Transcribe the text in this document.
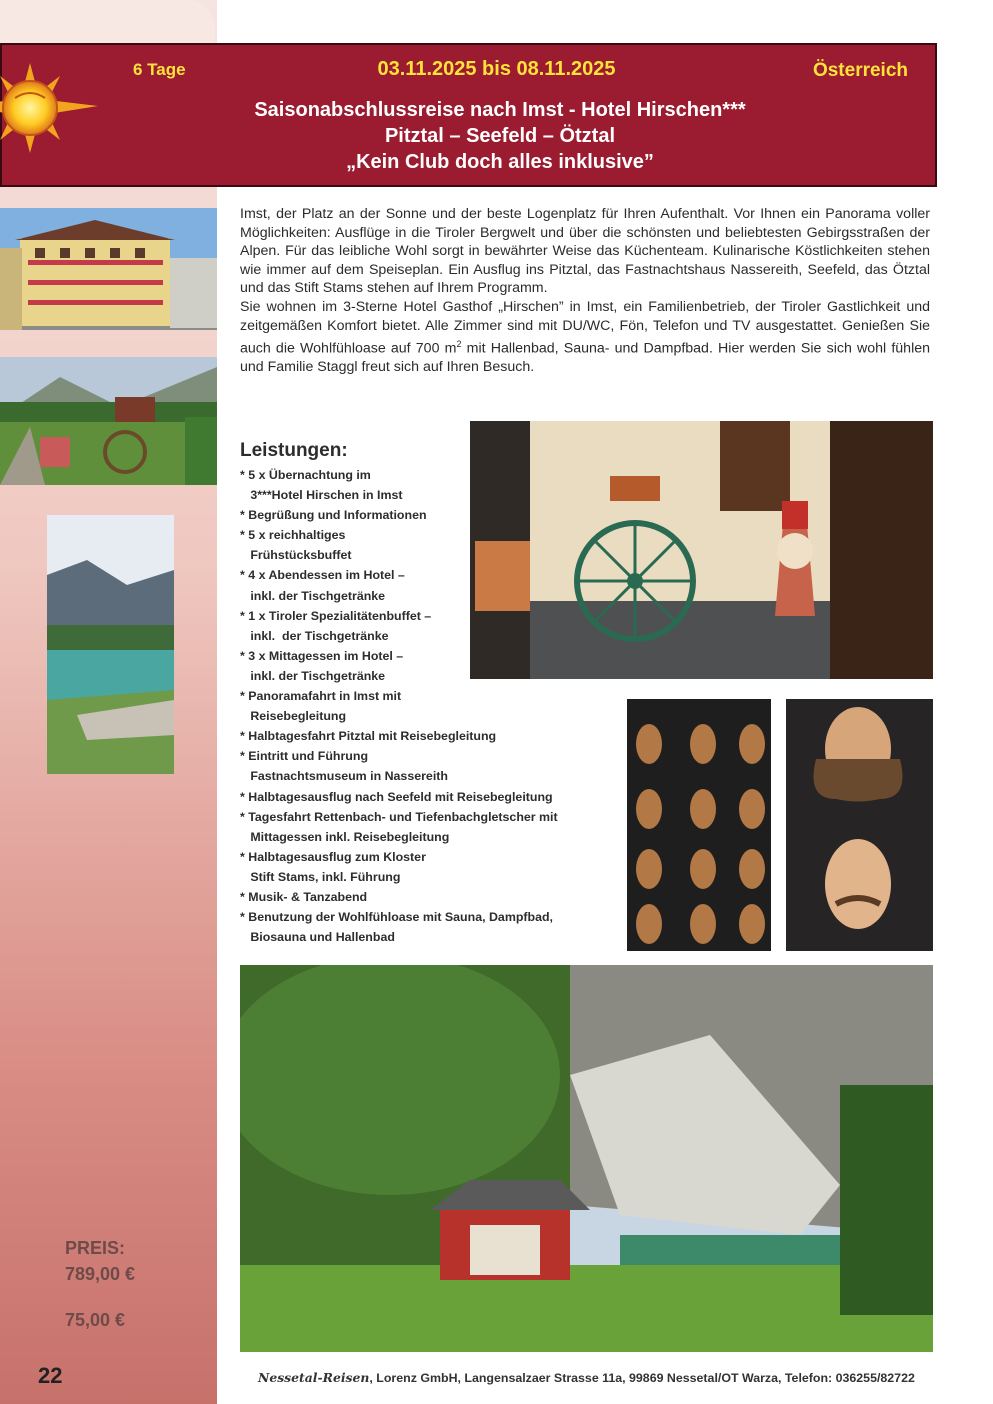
6 Tage	03.11.2025 bis 08.11.2025	Österreich
Saisonabschlussreise nach Imst - Hotel Hirschen***
Pitztal – Seefeld – Ötztal
„Kein Club doch alles inklusive”

Imst, der Platz an der Sonne und der beste Logenplatz für Ihren Aufenthalt. Vor Ihnen ein Panorama voller Möglichkeiten: Ausflüge in die Tiroler Bergwelt und über die schönsten und beliebtesten Gebirgsstraßen der Alpen. Für das leibliche Wohl sorgt in bewährter Weise das Küchenteam. Kulinarische Köstlichkeiten stehen wie immer auf dem Speiseplan. Ein Ausflug ins Pitztal, das Fastnachtshaus Nassereith, Seefeld, das Ötztal und das Stift Stams stehen auf Ihrem Programm.

Sie wohnen im 3-Sterne Hotel Gasthof „Hirschen” in Imst, ein Familienbetrieb, der Tiroler Gastlichkeit und zeitgemäßen Komfort bietet. Alle Zimmer sind mit DU/WC, Fön, Telefon und TV ausgestattet. Genießen Sie auch die Wohlfühloase auf 700 $m^2$ mit Hallenbad, Sauna- und Dampfbad. Hier werden Sie sich wohl fühlen und Familie Staggl freut sich auf Ihren Besuch.

Leistungen:
* 5 x Übernachtung im
3***Hotel Hirschen in Imst
* Begrüßung und Informationen
* 5 x reichhaltiges
Frühstücksbuffet
* 4 x Abendessen im Hotel –
inkl. der Tischgetränke
* 1 x Tiroler Spezialitätenbuffet –
inkl.  der Tischgetränke
* 3 x Mittagessen im Hotel –
inkl. der Tischgetränke
* Panoramafahrt in Imst mit
Reisebegleitung
* Halbtagesfahrt Pitztal mit Reisebegleitung
* Eintritt und Führung
Fastnachtsmuseum in Nassereith
* Halbtagesausflug nach Seefeld mit Reisebegleitung
* Tagesfahrt Rettenbach- und Tiefenbachgletscher mit
Mittagessen inkl. Reisebegleitung
* Halbtagesausflug zum Kloster
Stift Stams, inkl. Führung
* Musik- & Tanzabend
* Benutzung der Wohlfühloase mit Sauna, Dampfbad,
Biosauna und Hallenbad
PREIS:
789,00 €
75,00 €
22	Nessetal-Reisen, Lorenz GmbH, Langensalzaer Strasse 11a, 99869 Nessetal/OT Warza, Telefon: 036255/82722
